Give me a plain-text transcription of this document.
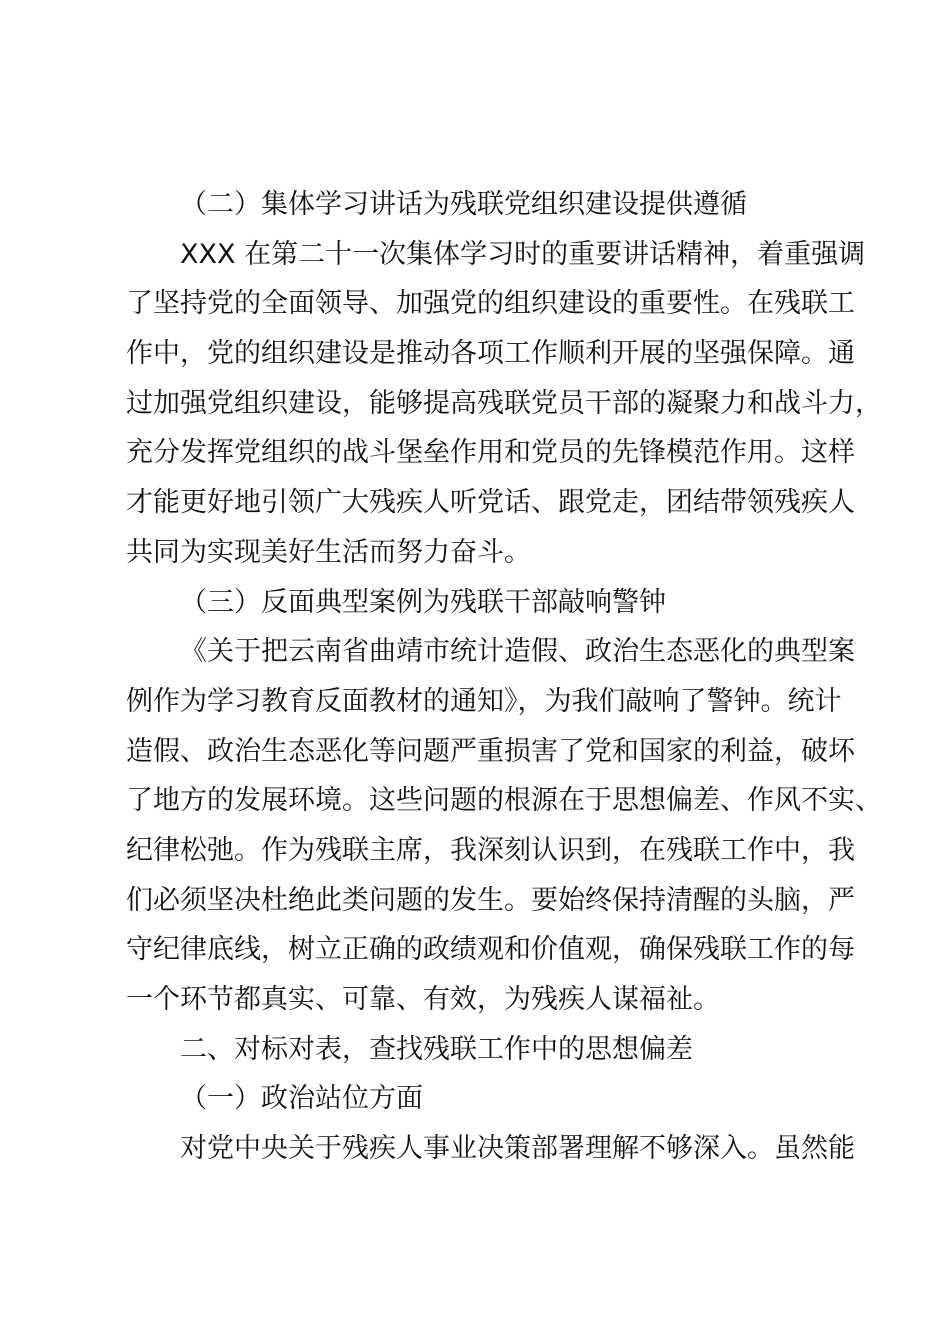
（二）集体学习讲话为残联党组织建设提供遵循
XXX 在第二十一次集体学习时的重要讲话精神，着重强调
了坚持党的全面领导、加强党的组织建设的重要性。在残联工
作中，党的组织建设是推动各项工作顺利开展的坚强保障。通
过加强党组织建设，能够提高残联党员干部的凝聚力和战斗力，
充分发挥党组织的战斗堡垒作用和党员的先锋模范作用。这样
才能更好地引领广大残疾人听党话、跟党走，团结带领残疾人
共同为实现美好生活而努力奋斗。
（三）反面典型案例为残联干部敲响警钟
《关于把云南省曲靖市统计造假、政治生态恶化的典型案
例作为学习教育反面教材的通知》，为我们敲响了警钟。统计
造假、政治生态恶化等问题严重损害了党和国家的利益，破坏
了地方的发展环境。这些问题的根源在于思想偏差、作风不实、
纪律松弛。作为残联主席，我深刻认识到，在残联工作中，我
们必须坚决杜绝此类问题的发生。要始终保持清醒的头脑，严
守纪律底线，树立正确的政绩观和价值观，确保残联工作的每
一个环节都真实、可靠、有效，为残疾人谋福祉。
二、对标对表，查找残联工作中的思想偏差
（一）政治站位方面
对党中央关于残疾人事业决策部署理解不够深入。虽然能
